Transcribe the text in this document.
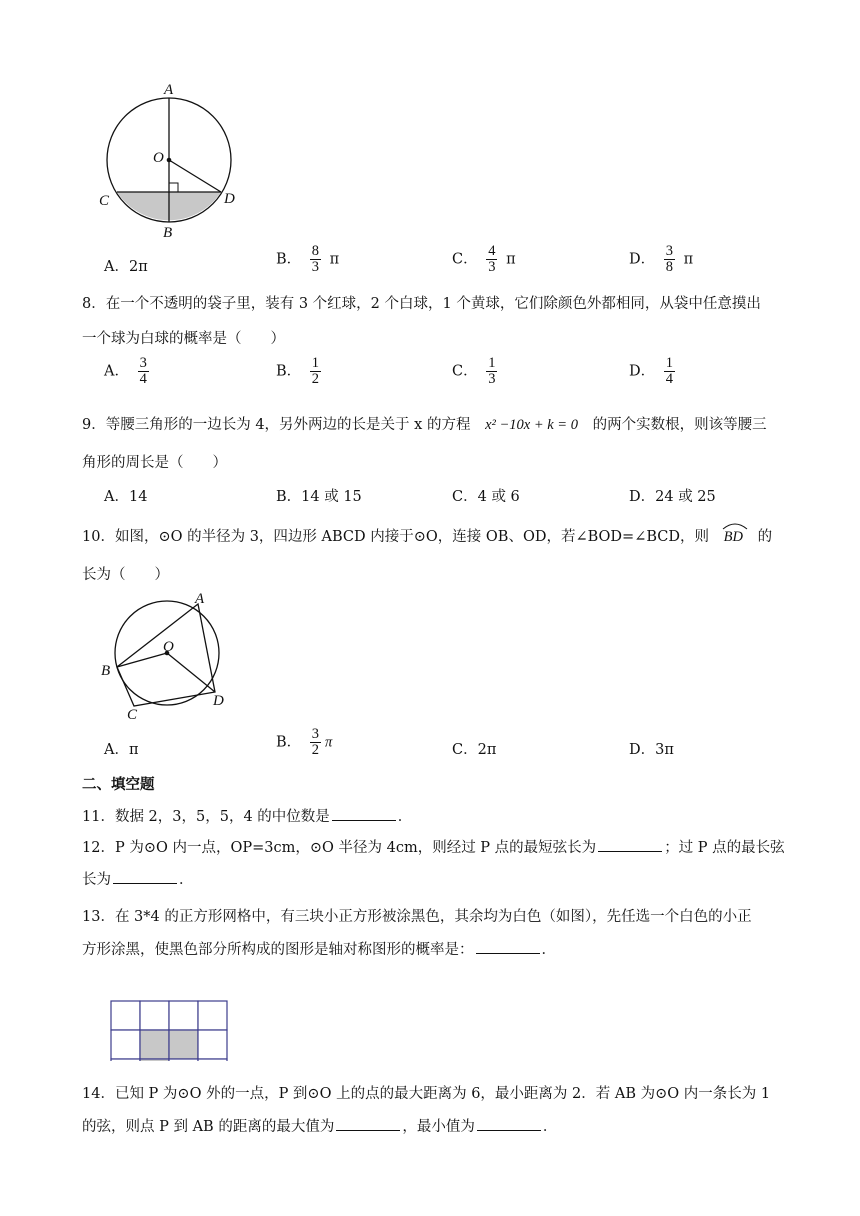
A
O
C	D
B
A．2π	B． $\frac{8}{3}$ π	C． $\frac{4}{3}$ π	D． $\frac{3}{8}$ π
8．在一个不透明的袋子里，装有 3 个红球，2 个白球，1 个黄球，它们除颜色外都相同，从袋中任意摸出
一个球为白球的概率是（　　）
A． $\frac{3}{4}$	B． $\frac{1}{2}$	C． $\frac{1}{3}$	D． $\frac{1}{4}$
9．等腰三角形的一边长为 4，另外两边的长是关于 x 的方程 x² −10x + k = 0 的两个实数根，则该等腰三
角形的周长是（　　）
A．14	B．14 或 15	C．4 或 6	D．24 或 25
10．如图，⊙O 的半径为 3，四边形 ABCD 内接于⊙O，连接 OB、OD，若∠BOD=∠BCD，则 BD 的
长为（　　）
A
O
B
C
D
A．π	B． $\frac{3}{2}$ π	C．2π	D．3π
二、填空题
11．数据 2，3，5，5，4 的中位数是	．
12．P 为⊙O 内一点，OP=3cm，⊙O 半径为 4cm，则经过 P 点的最短弦长为	；过 P 点的最长弦
长为	．
13．在 3*4 的正方形网格中，有三块小正方形被涂黑色，其余均为白色（如图），先任选一个白色的小正
方形涂黑，使黑色部分所构成的图形是轴对称图形的概率是：	．
14．已知 P 为⊙O 外的一点，P 到⊙O 上的点的最大距离为 6，最小距离为 2．若 AB 为⊙O 内一条长为 1
的弦，则点 P 到 AB 的距离的最大值为	，最小值为	．
